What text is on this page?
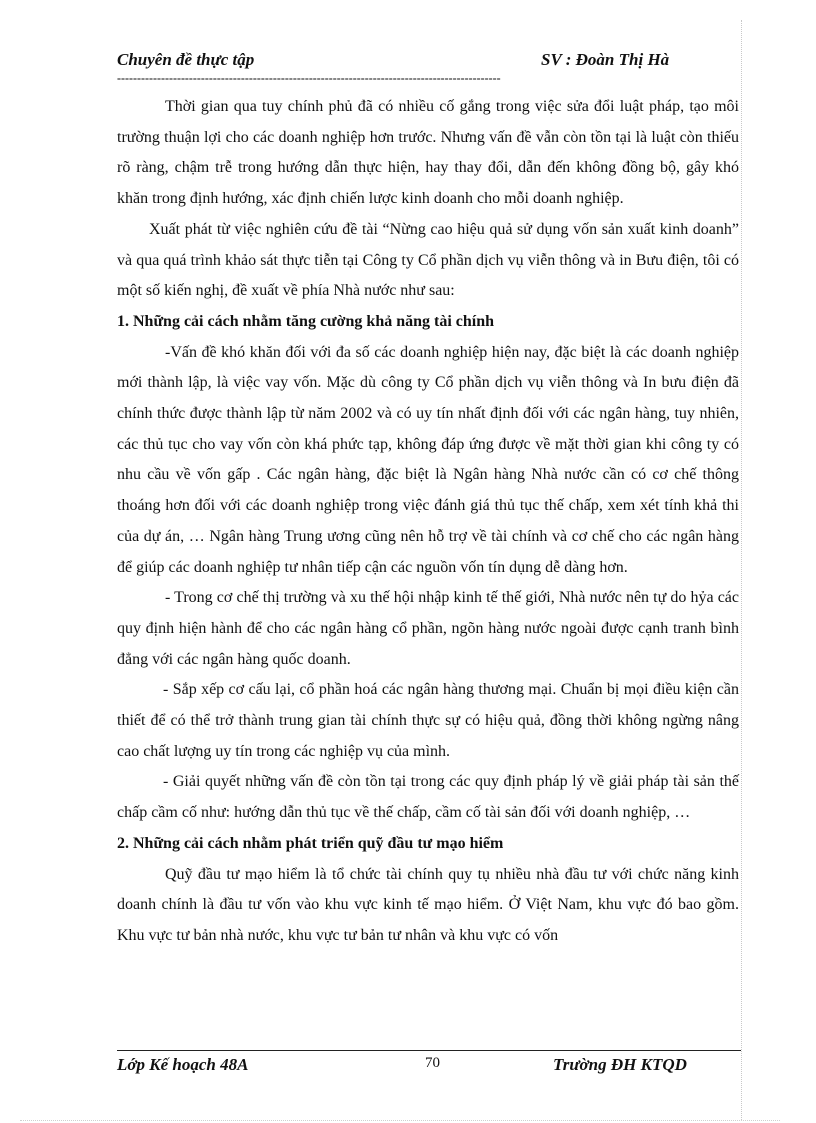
Chuyên đề thực tập	SV : Đoàn Thị Hà
------------------------------------------------------------------------------------------------

Thời gian qua tuy chính phủ đã có nhiều cố gắng trong việc sửa đổi luật pháp, tạo môi trường thuận lợi cho các doanh nghiệp hơn trước. Nhưng vấn đề vẫn còn tồn tại là luật còn thiếu rõ ràng, chậm trễ trong hướng dẫn thực hiện, hay thay đổi, dẫn đến không đồng bộ, gây khó khăn trong định hướng, xác định chiến lược kinh doanh cho mỗi doanh nghiệp.

Xuất phát từ việc nghiên cứu đề tài “Nừng cao hiệu quả sử dụng vốn sản xuất kinh doanh” và qua quá trình khảo sát thực tiễn tại Công ty Cổ phần dịch vụ viễn thông và in Bưu điện, tôi có một số kiến nghị, đề xuất về phía Nhà nước như sau:

1. Những cải cách nhằm tăng cường khả năng tài chính

-Vấn đề khó khăn đối với đa số các doanh nghiệp hiện nay, đặc biệt là các doanh nghiệp mới thành lập, là việc vay vốn. Mặc dù công ty Cổ phần dịch vụ viễn thông và In bưu điện đã chính thức được thành lập từ năm 2002 và có uy tín nhất định đối với các ngân hàng, tuy nhiên, các thủ tục cho vay vốn còn khá phức tạp, không đáp ứng được về mặt thời gian khi công ty có nhu cầu về vốn gấp . Các ngân hàng, đặc biệt là Ngân hàng Nhà nước cần có cơ chế thông thoáng hơn đối với các doanh nghiệp trong việc đánh giá thủ tục thế chấp, xem xét tính khả thi của dự án, … Ngân hàng Trung ương cũng nên hỗ trợ về tài chính và cơ chế cho các ngân hàng để giúp các doanh nghiệp tư nhân tiếp cận các nguồn vốn tín dụng dễ dàng hơn.

- Trong cơ chế thị trường và xu thế hội nhập kinh tế thế giới, Nhà nước nên tự do hỷa các quy định hiện hành để cho các ngân hàng cổ phần, ngõn hàng nước ngoài được cạnh tranh bình đẳng với các ngân hàng quốc doanh.

- Sắp xếp cơ cấu lại, cổ phần hoá các ngân hàng thương mại. Chuẩn bị mọi điều kiện cần thiết để có thể trở thành trung gian tài chính thực sự có hiệu quả, đồng thời không ngừng nâng cao chất lượng uy tín trong các nghiệp vụ của mình.

- Giải quyết những vấn đề còn tồn tại trong các quy định pháp lý về giải pháp tài sản thế chấp cầm cố như: hướng dẫn thủ tục về thế chấp, cầm cố tài sản đối với doanh nghiệp, …

2. Những cải cách nhằm phát triển quỹ đầu tư mạo hiểm

Quỹ đầu tư mạo hiểm là tổ chức tài chính quy tụ nhiều nhà đầu tư với chức năng kinh doanh chính là đầu tư vốn vào khu vực kinh tế mạo hiểm. Ở Việt Nam, khu vực đó bao gồm. Khu vực tư bản nhà nước, khu vực tư bản tư nhân và khu vực có vốn

Lớp Kế hoạch 48A	70	Trường ĐH KTQD
